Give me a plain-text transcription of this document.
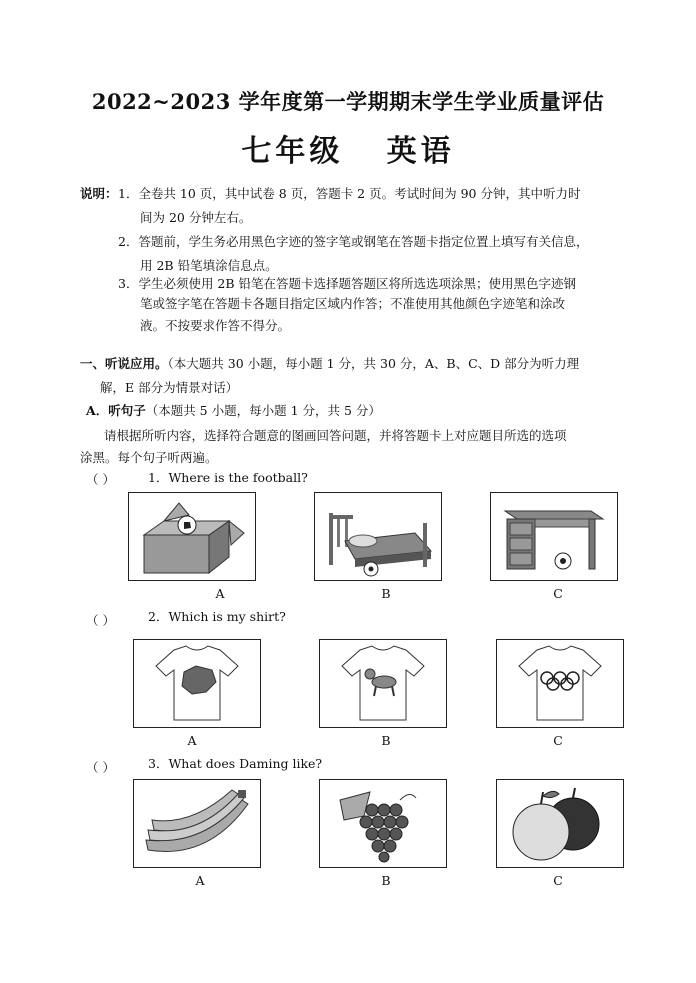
2022~2023 学年度第一学期期末学生学业质量评估
七年级   英语
说明： 1．全卷共 10 页，其中试卷 8 页，答题卡 2 页。考试时间为 90 分钟，其中听力时
间为 20 分钟左右。
2．答题前，学生务必用黑色字迹的签字笔或钢笔在答题卡指定位置上填写有关信息，
用 2B 铅笔填涂信息点。
3．学生必须使用 2B 铅笔在答题卡选择题答题区将所选选项涂黑；使用黑色字迹钢
笔或签字笔在答题卡各题目指定区域内作答；不准使用其他颜色字迹笔和涂改
液。不按要求作答不得分。
一、听说应用。（本大题共 30 小题，每小题 1 分，共 30 分，A、B、C、D 部分为听力理
解，E 部分为情景对话）
A．听句子（本题共 5 小题，每小题 1 分，共 5 分）
请根据所听内容，选择符合题意的图画回答问题，并将答题卡上对应题目所选的选项
涂黑。每个句子听两遍。
（ ）	1．Where is the football?
A	B	C
（ ）	2．Which is my shirt?
A	B	C
（ ）	3．What does Daming like?
A	B	C
